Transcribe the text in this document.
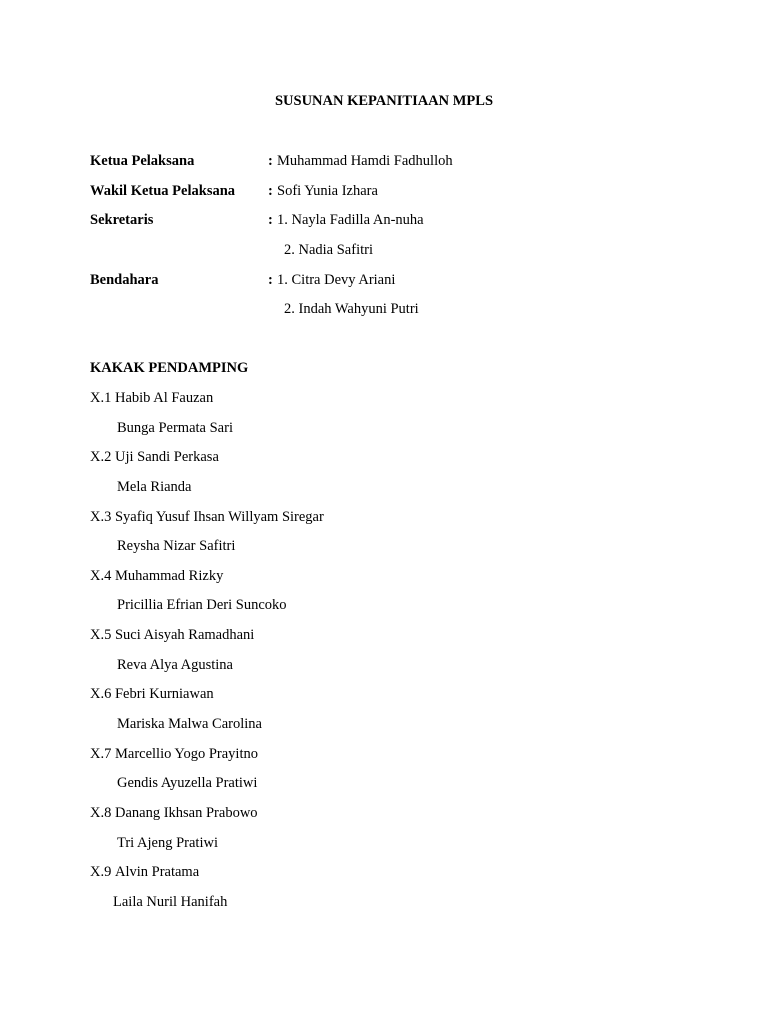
SUSUNAN KEPANITIAAN MPLS
Ketua Pelaksana	: Muhammad Hamdi Fadhulloh
Wakil Ketua Pelaksana	: Sofi Yunia Izhara
Sekretaris	: 1. Nayla Fadilla An-nuha
2. Nadia Safitri
Bendahara	: 1. Citra Devy Ariani
2. Indah Wahyuni Putri
KAKAK PENDAMPING
X.1 Habib Al Fauzan
Bunga Permata Sari
X.2 Uji Sandi Perkasa
Mela Rianda
X.3 Syafiq Yusuf Ihsan Willyam Siregar
Reysha Nizar Safitri
X.4 Muhammad Rizky
Pricillia Efrian Deri Suncoko
X.5 Suci Aisyah Ramadhani
Reva Alya Agustina
X.6 Febri Kurniawan
Mariska Malwa Carolina
X.7 Marcellio Yogo Prayitno
Gendis Ayuzella Pratiwi
X.8 Danang Ikhsan Prabowo
Tri Ajeng Pratiwi
X.9 Alvin Pratama
Laila Nuril Hanifah
